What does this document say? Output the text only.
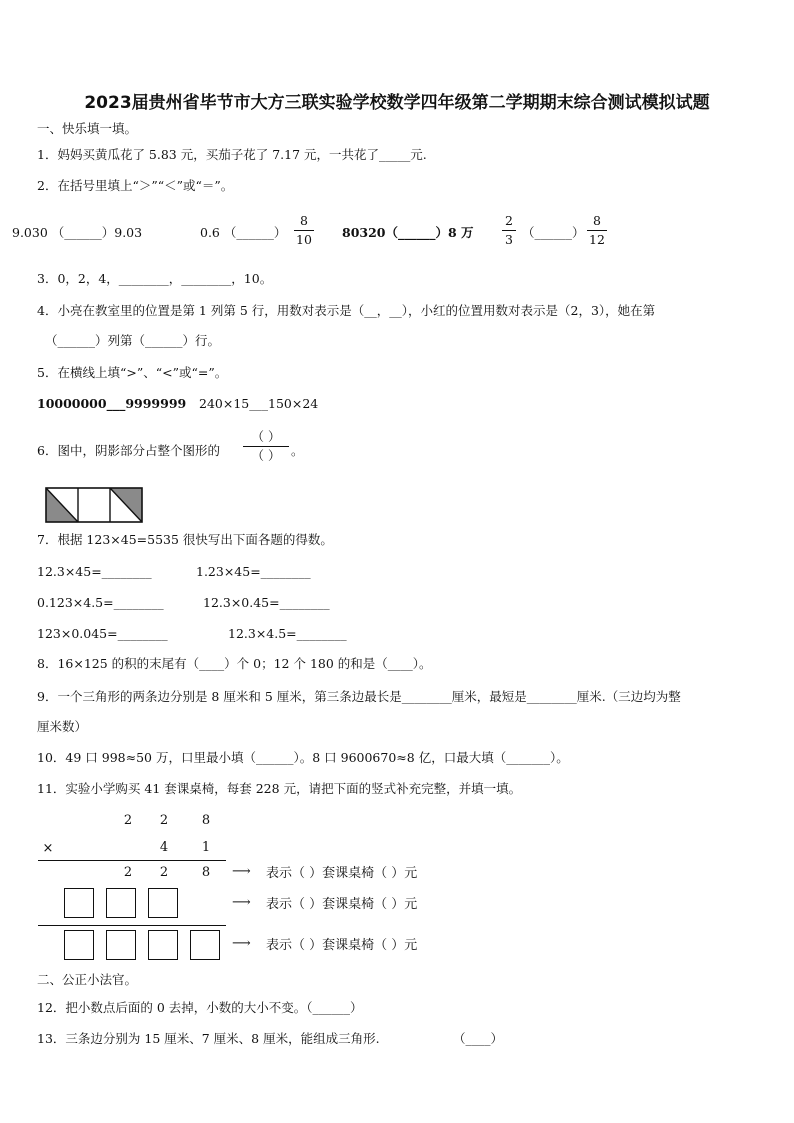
2023届贵州省毕节市大方三联实验学校数学四年级第二学期期末综合测试模拟试题
一、快乐填一填。
1．妈妈买黄瓜花了 5.83 元，买茄子花了 7.17 元，一共花了_____元.
2．在括号里填上“＞”“＜”或“＝”。
9.030 （______）9.03	0.6 （______）
8
10 80320（______）8 万
2
3 （______）
8
12
3．0，2，4，________，________，10。
4．小亮在教室里的位置是第 1 列第 5 行，用数对表示是（__，__），小红的位置用数对表示是（2，3），她在第
（______）列第（______）行。
5．在横线上填“>”、“<”或“=”。
10000000___9999999 240×15___150×24
6．图中，阴影部分占整个图形的
（ ）
（ ） 。
7．根据 123×45=5535 很快写出下面各题的得数。
12.3×45=________	1.23×45=________
0.123×4.5=________	12.3×0.45=________
123×0.045=________	12.3×4.5=________
8．16×125 的积的末尾有（____）个 0；12 个 180 的和是（____）。
9．一个三角形的两条边分别是 8 厘米和 5 厘米，第三条边最长是________厘米，最短是________厘米.（三边均为整
厘米数）
10．49 口 998≈50 万，口里最小填（______）。8 口 9600670≈8 亿，口最大填（_______）。
11．实验小学购买 41 套课桌椅，每套 228 元，请把下面的竖式补充完整，并填一填。
2 2	8
×	4	1
2 2	8 ⟶ 表示（ ）套课桌椅（ ）元
⟶ 表示（ ）套课桌椅（ ）元
⟶ 表示（ ）套课桌椅（ ）元
二、公正小法官。
12．把小数点后面的 0 去掉，小数的大小不变。（______）
13．三条边分别为 15 厘米、7 厘米、8 厘米，能组成三角形.	（____）
